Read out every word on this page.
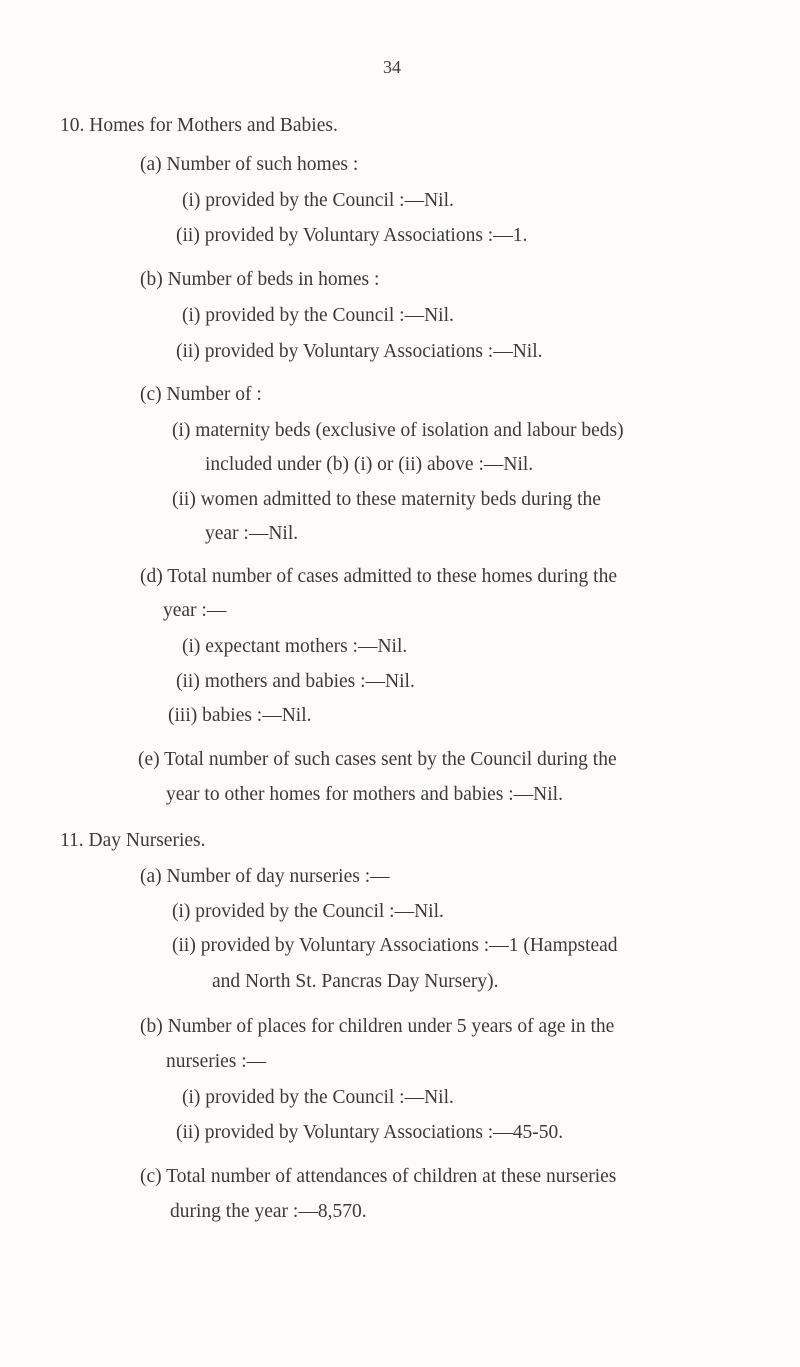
34

10. Homes for Mothers and Babies.

(a) Number of such homes :

(i) provided by the Council :—Nil.

(ii) provided by Voluntary Associations :—1.

(b) Number of beds in homes :

(i) provided by the Council :—Nil.

(ii) provided by Voluntary Associations :—Nil.

(c) Number of :

(i) maternity beds (exclusive of isolation and labour beds)

included under (b) (i) or (ii) above :—Nil.

(ii) women admitted to these maternity beds during the

year :—Nil.

(d) Total number of cases admitted to these homes during the

year :—

(i) expectant mothers :—Nil.

(ii) mothers and babies :—Nil.

(iii) babies :—Nil.

(e) Total number of such cases sent by the Council during the

year to other homes for mothers and babies :—Nil.

11. Day Nurseries.

(a) Number of day nurseries :—

(i) provided by the Council :—Nil.

(ii) provided by Voluntary Associations :—1 (Hampstead

and North St. Pancras Day Nursery).

(b) Number of places for children under 5 years of age in the

nurseries :—

(i) provided by the Council :—Nil.

(ii) provided by Voluntary Associations :—45-50.

(c) Total number of attendances of children at these nurseries

during the year :—8,570.
